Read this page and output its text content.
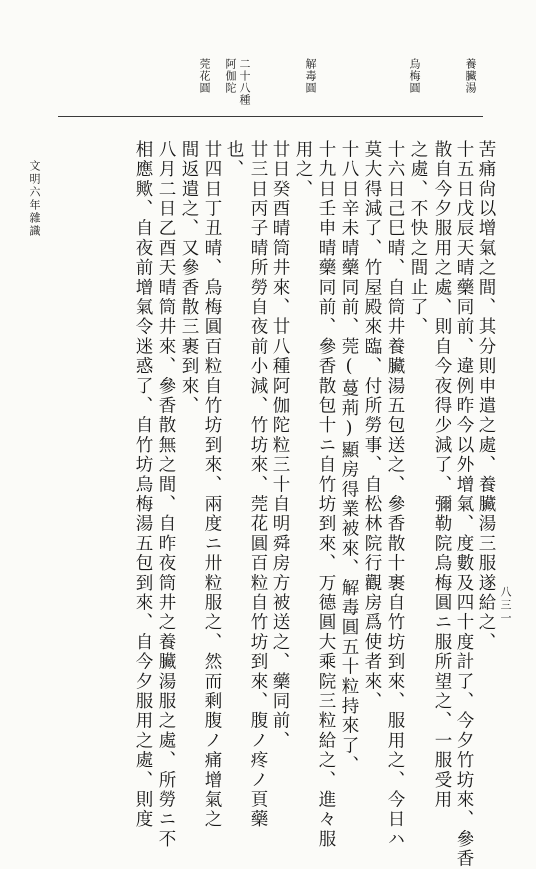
養臟湯
烏梅圓
解毒圓
二十八種
阿伽陀
莞花圓
苦痛尙以增氣之間、其分則申遣之處、養臟湯三服遂給之、
十五日戊辰天晴藥同前、違例昨今以外增氣、度數及四十度計了、今夕竹坊來、參香
散自今夕服用之處、則自今夜得少減了、彌勒院烏梅圓ニ服所望之、一服受用
之處、不快之間止了、
十六日己巳晴、自筒井養臟湯五包送之、參香散十裹自竹坊到來、服用之、今日ハ
莫大得減了、竹屋殿來臨、付所勞事、自松林院行觀房爲使者來、
十八日辛未晴藥同前、莞(蔓荊)顯房得業被來、解毒圓五十粒持來了、
十九日壬申晴藥同前、參香散包十ニ自竹坊到來、万德圓大乘院三粒給之、進々服
用之、
廿日癸酉晴筒井來、廿八種阿伽陀粒三十自明舜房方被送之、藥同前、
廿三日丙子晴所勞自夜前小減、竹坊來、莞花圓百粒自竹坊到來、腹ノ疼ノ頁藥
也、
廿四日丁丑晴、烏梅圓百粒自竹坊到來、兩度ニ卅粒服之、然而剩腹ノ痛增氣之
間返遣之、又參香散三裹到來、
八月二日乙酉天晴筒井來、參香散無之間、自昨夜筒井之養臟湯服之處、所勞ニ不
相應歟、自夜前增氣令迷惑了、自竹坊烏梅湯五包到來、自今夕服用之處、則度
文明六年雜識
八三一
